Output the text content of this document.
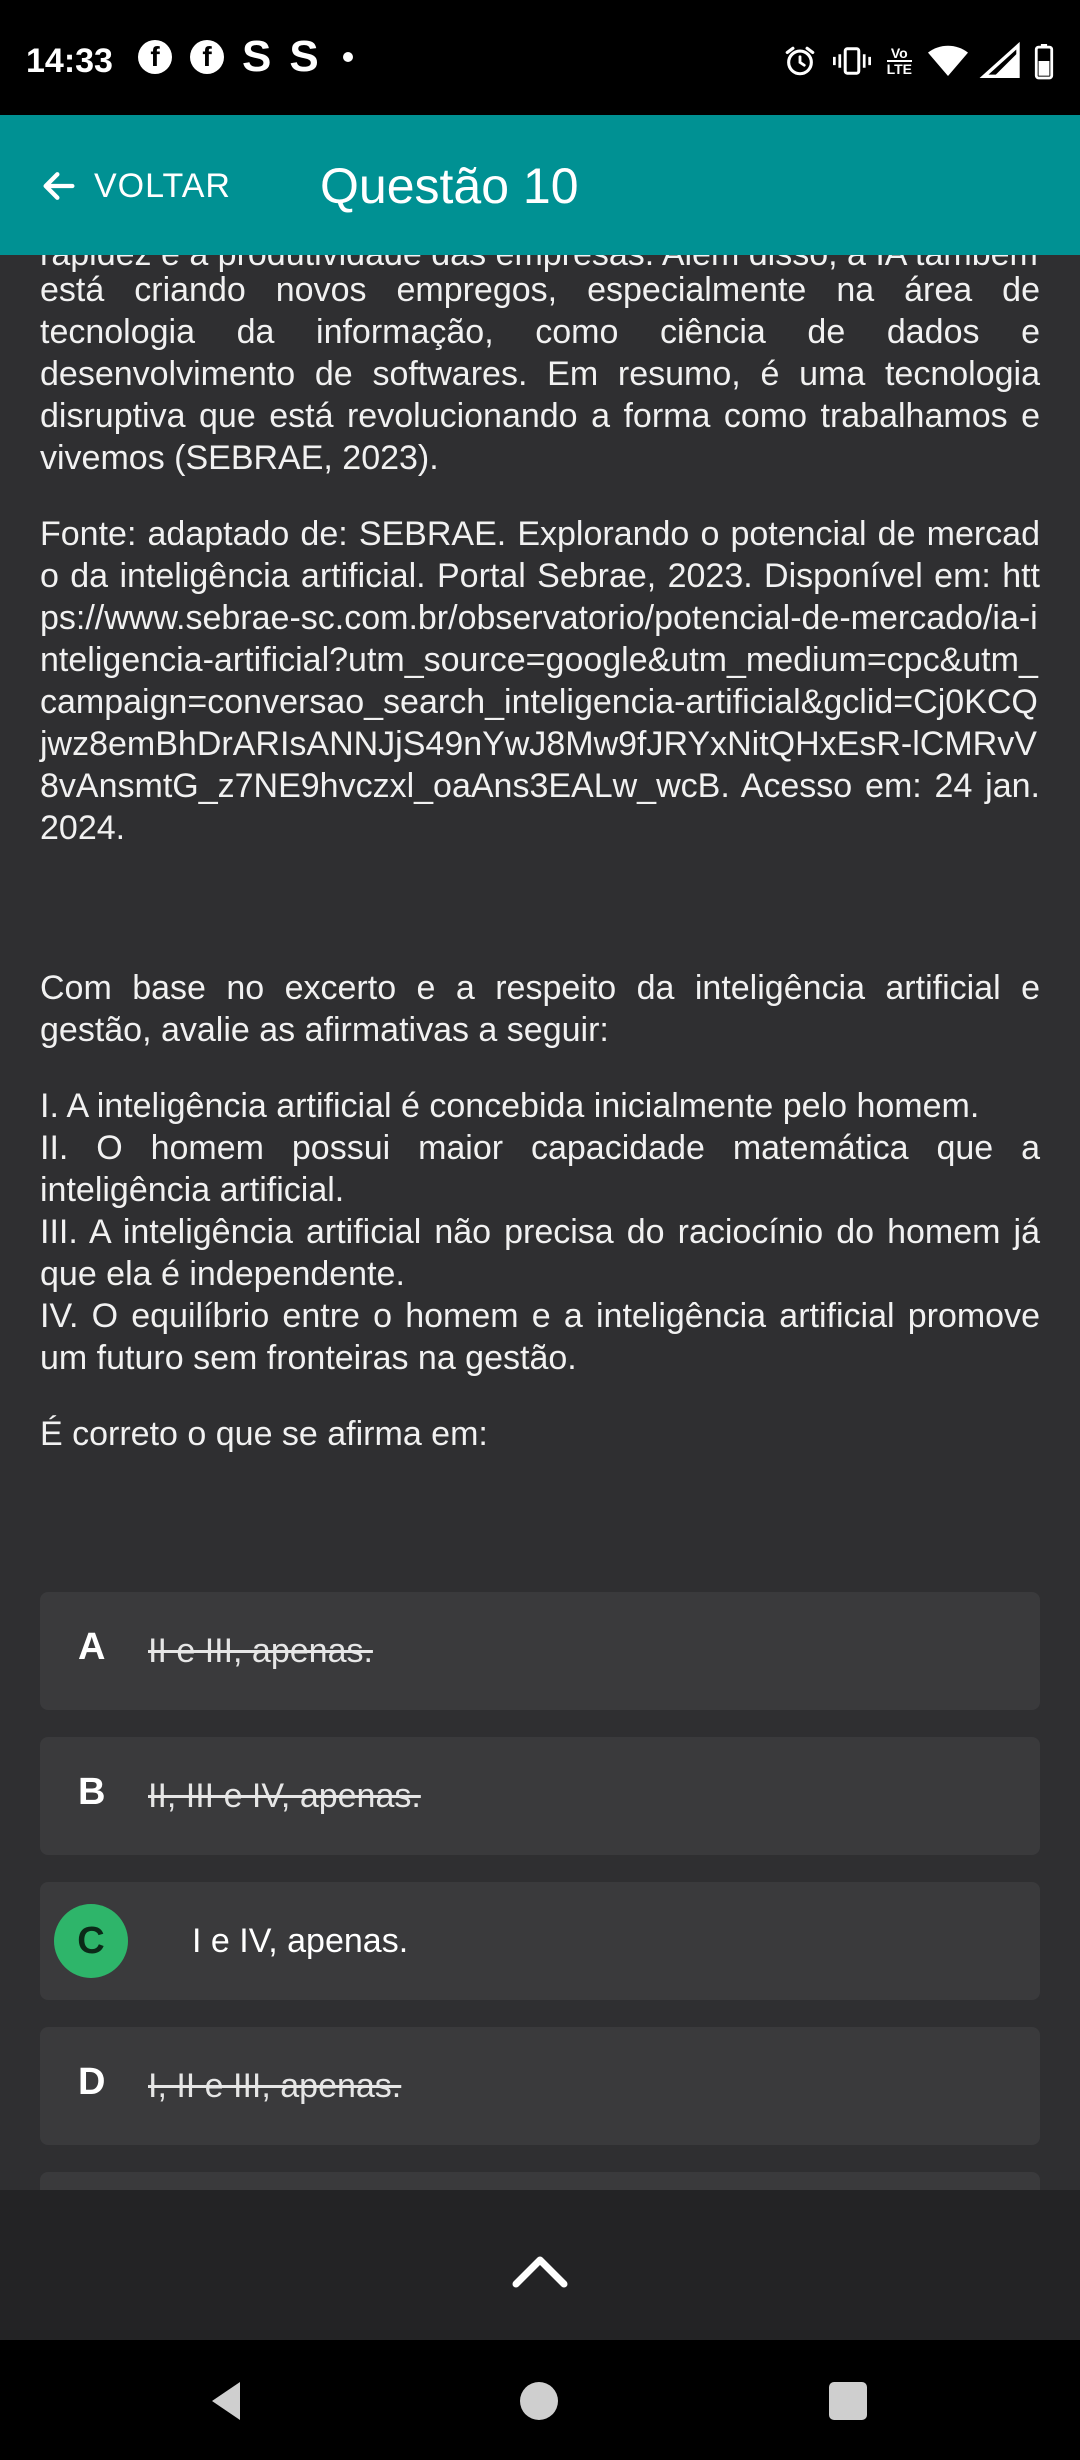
14:33	f	f S S	Vo
LTE
VOLTAR Questão 10

está criando novos empregos, especialmente na área de tecnologia da informação, como ciência de dados e desenvolvimento de softwares. Em resumo, é uma tecnologia disruptiva que está revolucionando a forma como trabalhamos e vivemos (SEBRAE, 2023).

Fonte: adaptado de: SEBRAE. Explorando o potencial de mercado da inteligência artificial. Portal Sebrae, 2023. Disponível em: https://www.sebrae-sc.com.br/observatorio/potencial-de-mercado/ia-inteligencia-artificial?utm_source=google&utm_medium=cpc&utm_campaign=conversao_search_inteligencia-artificial&gclid=Cj0KCQjwz8emBhDrARIsANNJjS49nYwJ8Mw9fJRYxNitQHxEsR-lCMRvV8vAnsmtG_z7NE9hvczxl_oaAns3EALw_wcB. Acesso em: 24 jan. 2024.

Com base no excerto e a respeito da inteligência artificial e gestão, avalie as afirmativas a seguir:

I. A inteligência artificial é concebida inicialmente pelo homem.

II. O homem possui maior capacidade matemática que a inteligência artificial.

III. A inteligência artificial não precisa do raciocínio do homem já que ela é independente.

IV. O equilíbrio entre o homem e a inteligência artificial promove um futuro sem fronteiras na gestão.

É correto o que se afirma em:

A II e III, apenas.
B II, III e IV, apenas.
C	I e IV, apenas.
D I, II e III, apenas.
